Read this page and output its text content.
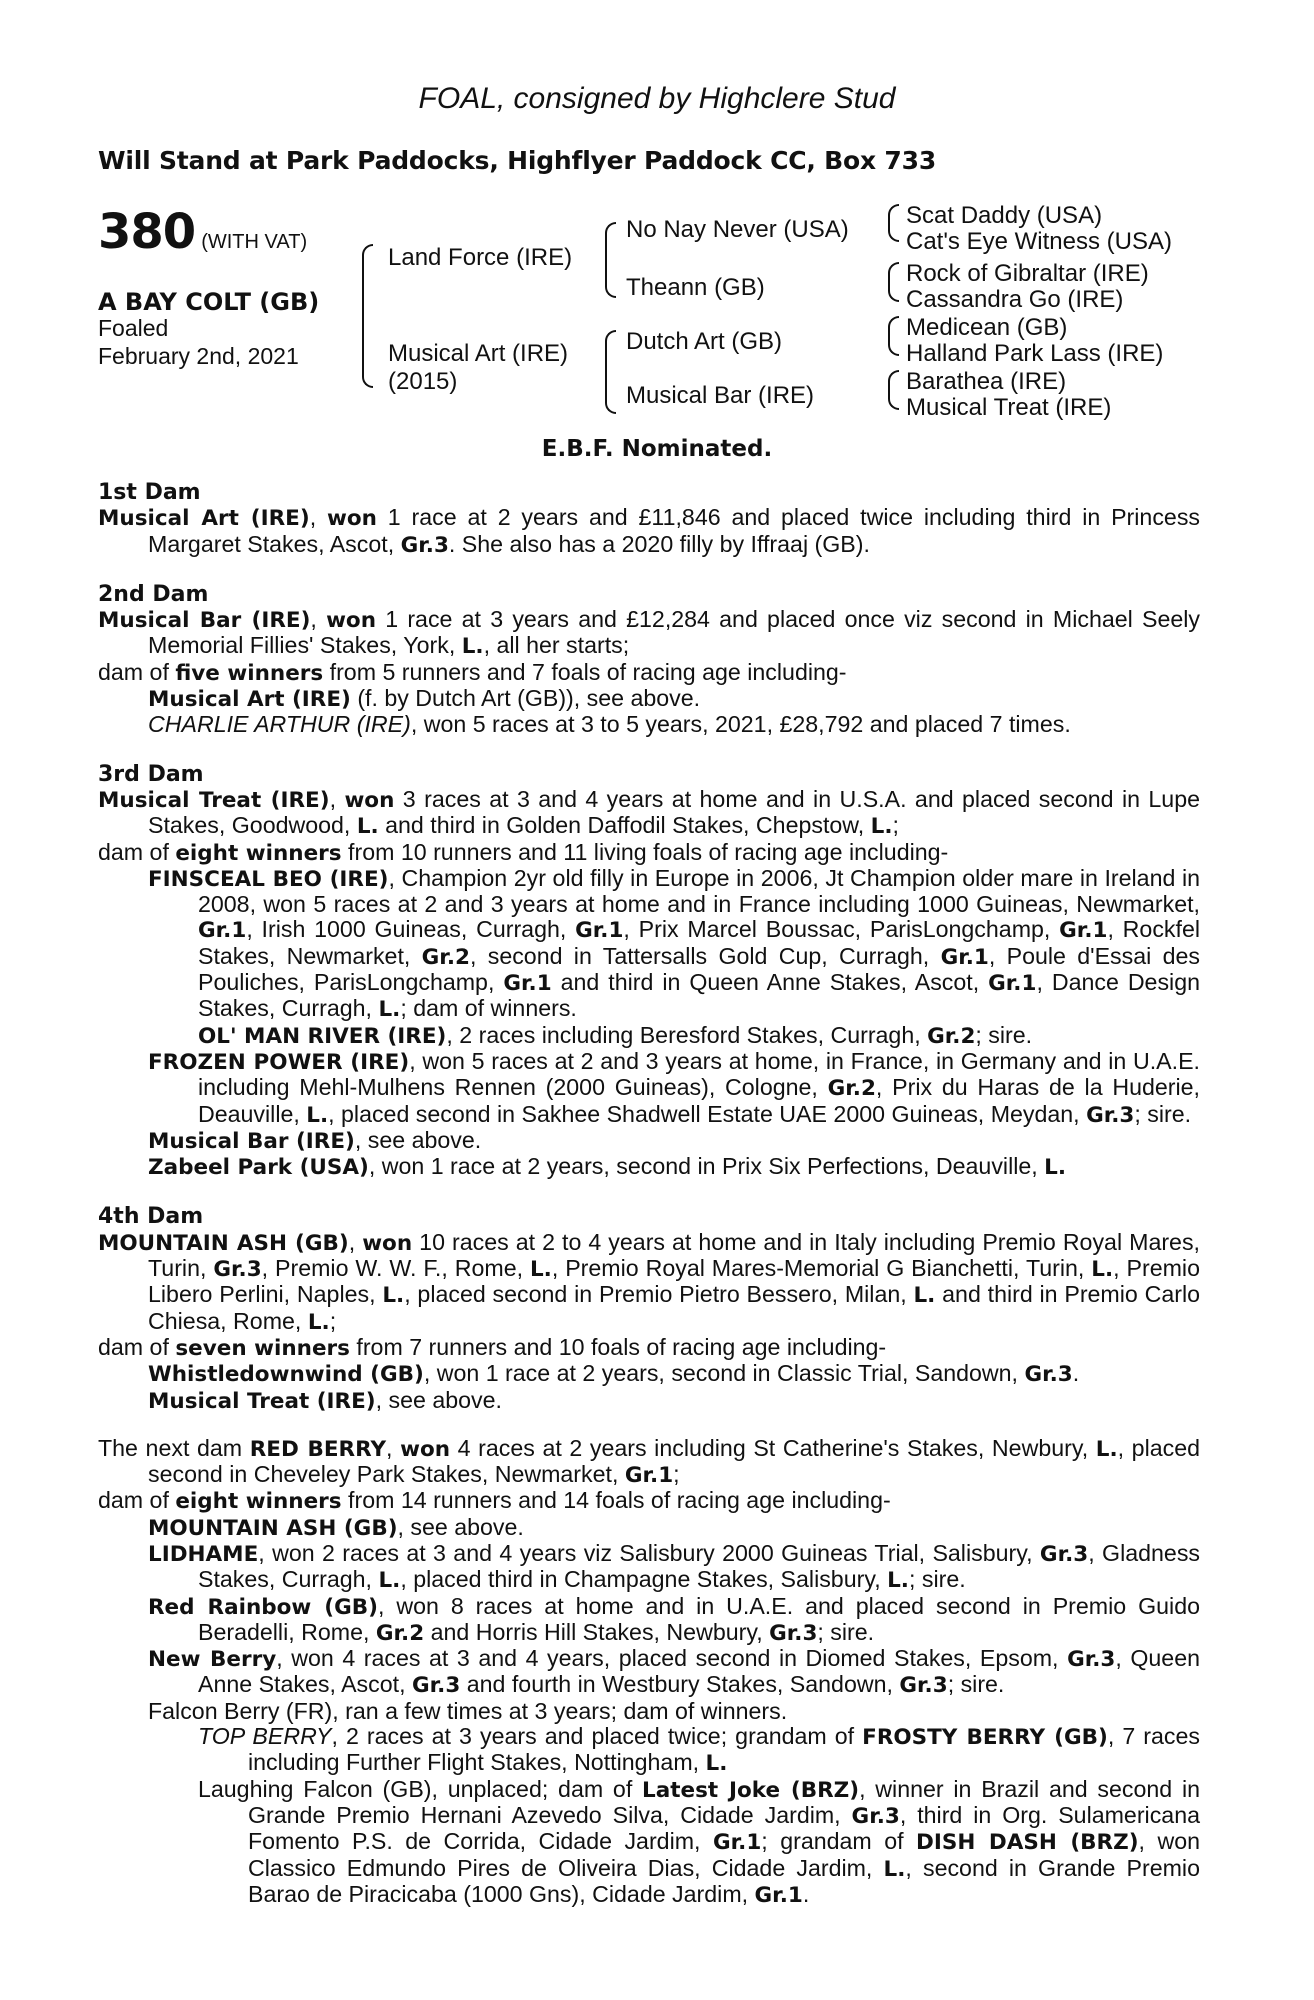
FOAL, consigned by Highclere Stud
Will Stand at Park Paddocks, Highflyer Paddock CC, Box 733
380 (WITH VAT)
A BAY COLT (GB)
Foaled
February 2nd, 2021
Land Force (IRE)
Musical Art (IRE)
(2015)
No Nay Never (USA)
Theann (GB)
Dutch Art (GB)
Musical Bar (IRE)
Scat Daddy (USA)
Cat's Eye Witness (USA)
Rock of Gibraltar (IRE)
Cassandra Go (IRE)
Medicean (GB)
Halland Park Lass (IRE)
Barathea (IRE)
Musical Treat (IRE)
E.B.F. Nominated.
1st Dam
Musical Art (IRE), won 1 race at 2 years and £11,846 and placed twice including third in Princess Margaret Stakes, Ascot, Gr.3. She also has a 2020 filly by Iffraaj (GB).
2nd Dam
Musical Bar (IRE), won 1 race at 3 years and £12,284 and placed once viz second in Michael Seely Memorial Fillies' Stakes, York, L., all her starts;
dam of five winners from 5 runners and 7 foals of racing age including-
Musical Art (IRE) (f. by Dutch Art (GB)), see above.
CHARLIE ARTHUR (IRE), won 5 races at 3 to 5 years, 2021, £28,792 and placed 7 times.
3rd Dam
Musical Treat (IRE), won 3 races at 3 and 4 years at home and in U.S.A. and placed second in Lupe Stakes, Goodwood, L. and third in Golden Daffodil Stakes, Chepstow, L.;
dam of eight winners from 10 runners and 11 living foals of racing age including-
FINSCEAL BEO (IRE), Champion 2yr old filly in Europe in 2006, Jt Champion older mare in Ireland in 2008, won 5 races at 2 and 3 years at home and in France including 1000 Guineas, Newmarket, Gr.1, Irish 1000 Guineas, Curragh, Gr.1, Prix Marcel Boussac, ParisLongchamp, Gr.1, Rockfel Stakes, Newmarket, Gr.2, second in Tattersalls Gold Cup, Curragh, Gr.1, Poule d'Essai des Pouliches, ParisLongchamp, Gr.1 and third in Queen Anne Stakes, Ascot, Gr.1, Dance Design Stakes, Curragh, L.; dam of winners.
OL' MAN RIVER (IRE), 2 races including Beresford Stakes, Curragh, Gr.2; sire.
FROZEN POWER (IRE), won 5 races at 2 and 3 years at home, in France, in Germany and in U.A.E. including Mehl-Mulhens Rennen (2000 Guineas), Cologne, Gr.2, Prix du Haras de la Huderie, Deauville, L., placed second in Sakhee Shadwell Estate UAE 2000 Guineas, Meydan, Gr.3; sire.
Musical Bar (IRE), see above.
Zabeel Park (USA), won 1 race at 2 years, second in Prix Six Perfections, Deauville, L.
4th Dam
MOUNTAIN ASH (GB), won 10 races at 2 to 4 years at home and in Italy including Premio Royal Mares, Turin, Gr.3, Premio W. W. F., Rome, L., Premio Royal Mares-Memorial G Bianchetti, Turin, L., Premio Libero Perlini, Naples, L., placed second in Premio Pietro Bessero, Milan, L. and third in Premio Carlo Chiesa, Rome, L.;
dam of seven winners from 7 runners and 10 foals of racing age including-
Whistledownwind (GB), won 1 race at 2 years, second in Classic Trial, Sandown, Gr.3.
Musical Treat (IRE), see above.
The next dam RED BERRY, won 4 races at 2 years including St Catherine's Stakes, Newbury, L., placed second in Cheveley Park Stakes, Newmarket, Gr.1;
dam of eight winners from 14 runners and 14 foals of racing age including-
MOUNTAIN ASH (GB), see above.
LIDHAME, won 2 races at 3 and 4 years viz Salisbury 2000 Guineas Trial, Salisbury, Gr.3, Gladness Stakes, Curragh, L., placed third in Champagne Stakes, Salisbury, L.; sire.
Red Rainbow (GB), won 8 races at home and in U.A.E. and placed second in Premio Guido Beradelli, Rome, Gr.2 and Horris Hill Stakes, Newbury, Gr.3; sire.
New Berry, won 4 races at 3 and 4 years, placed second in Diomed Stakes, Epsom, Gr.3, Queen Anne Stakes, Ascot, Gr.3 and fourth in Westbury Stakes, Sandown, Gr.3; sire.
Falcon Berry (FR), ran a few times at 3 years; dam of winners.
TOP BERRY, 2 races at 3 years and placed twice; grandam of FROSTY BERRY (GB), 7 races including Further Flight Stakes, Nottingham, L.
Laughing Falcon (GB), unplaced; dam of Latest Joke (BRZ), winner in Brazil and second in Grande Premio Hernani Azevedo Silva, Cidade Jardim, Gr.3, third in Org. Sulamericana Fomento P.S. de Corrida, Cidade Jardim, Gr.1; grandam of DISH DASH (BRZ), won Classico Edmundo Pires de Oliveira Dias, Cidade Jardim, L., second in Grande Premio Barao de Piracicaba (1000 Gns), Cidade Jardim, Gr.1.
